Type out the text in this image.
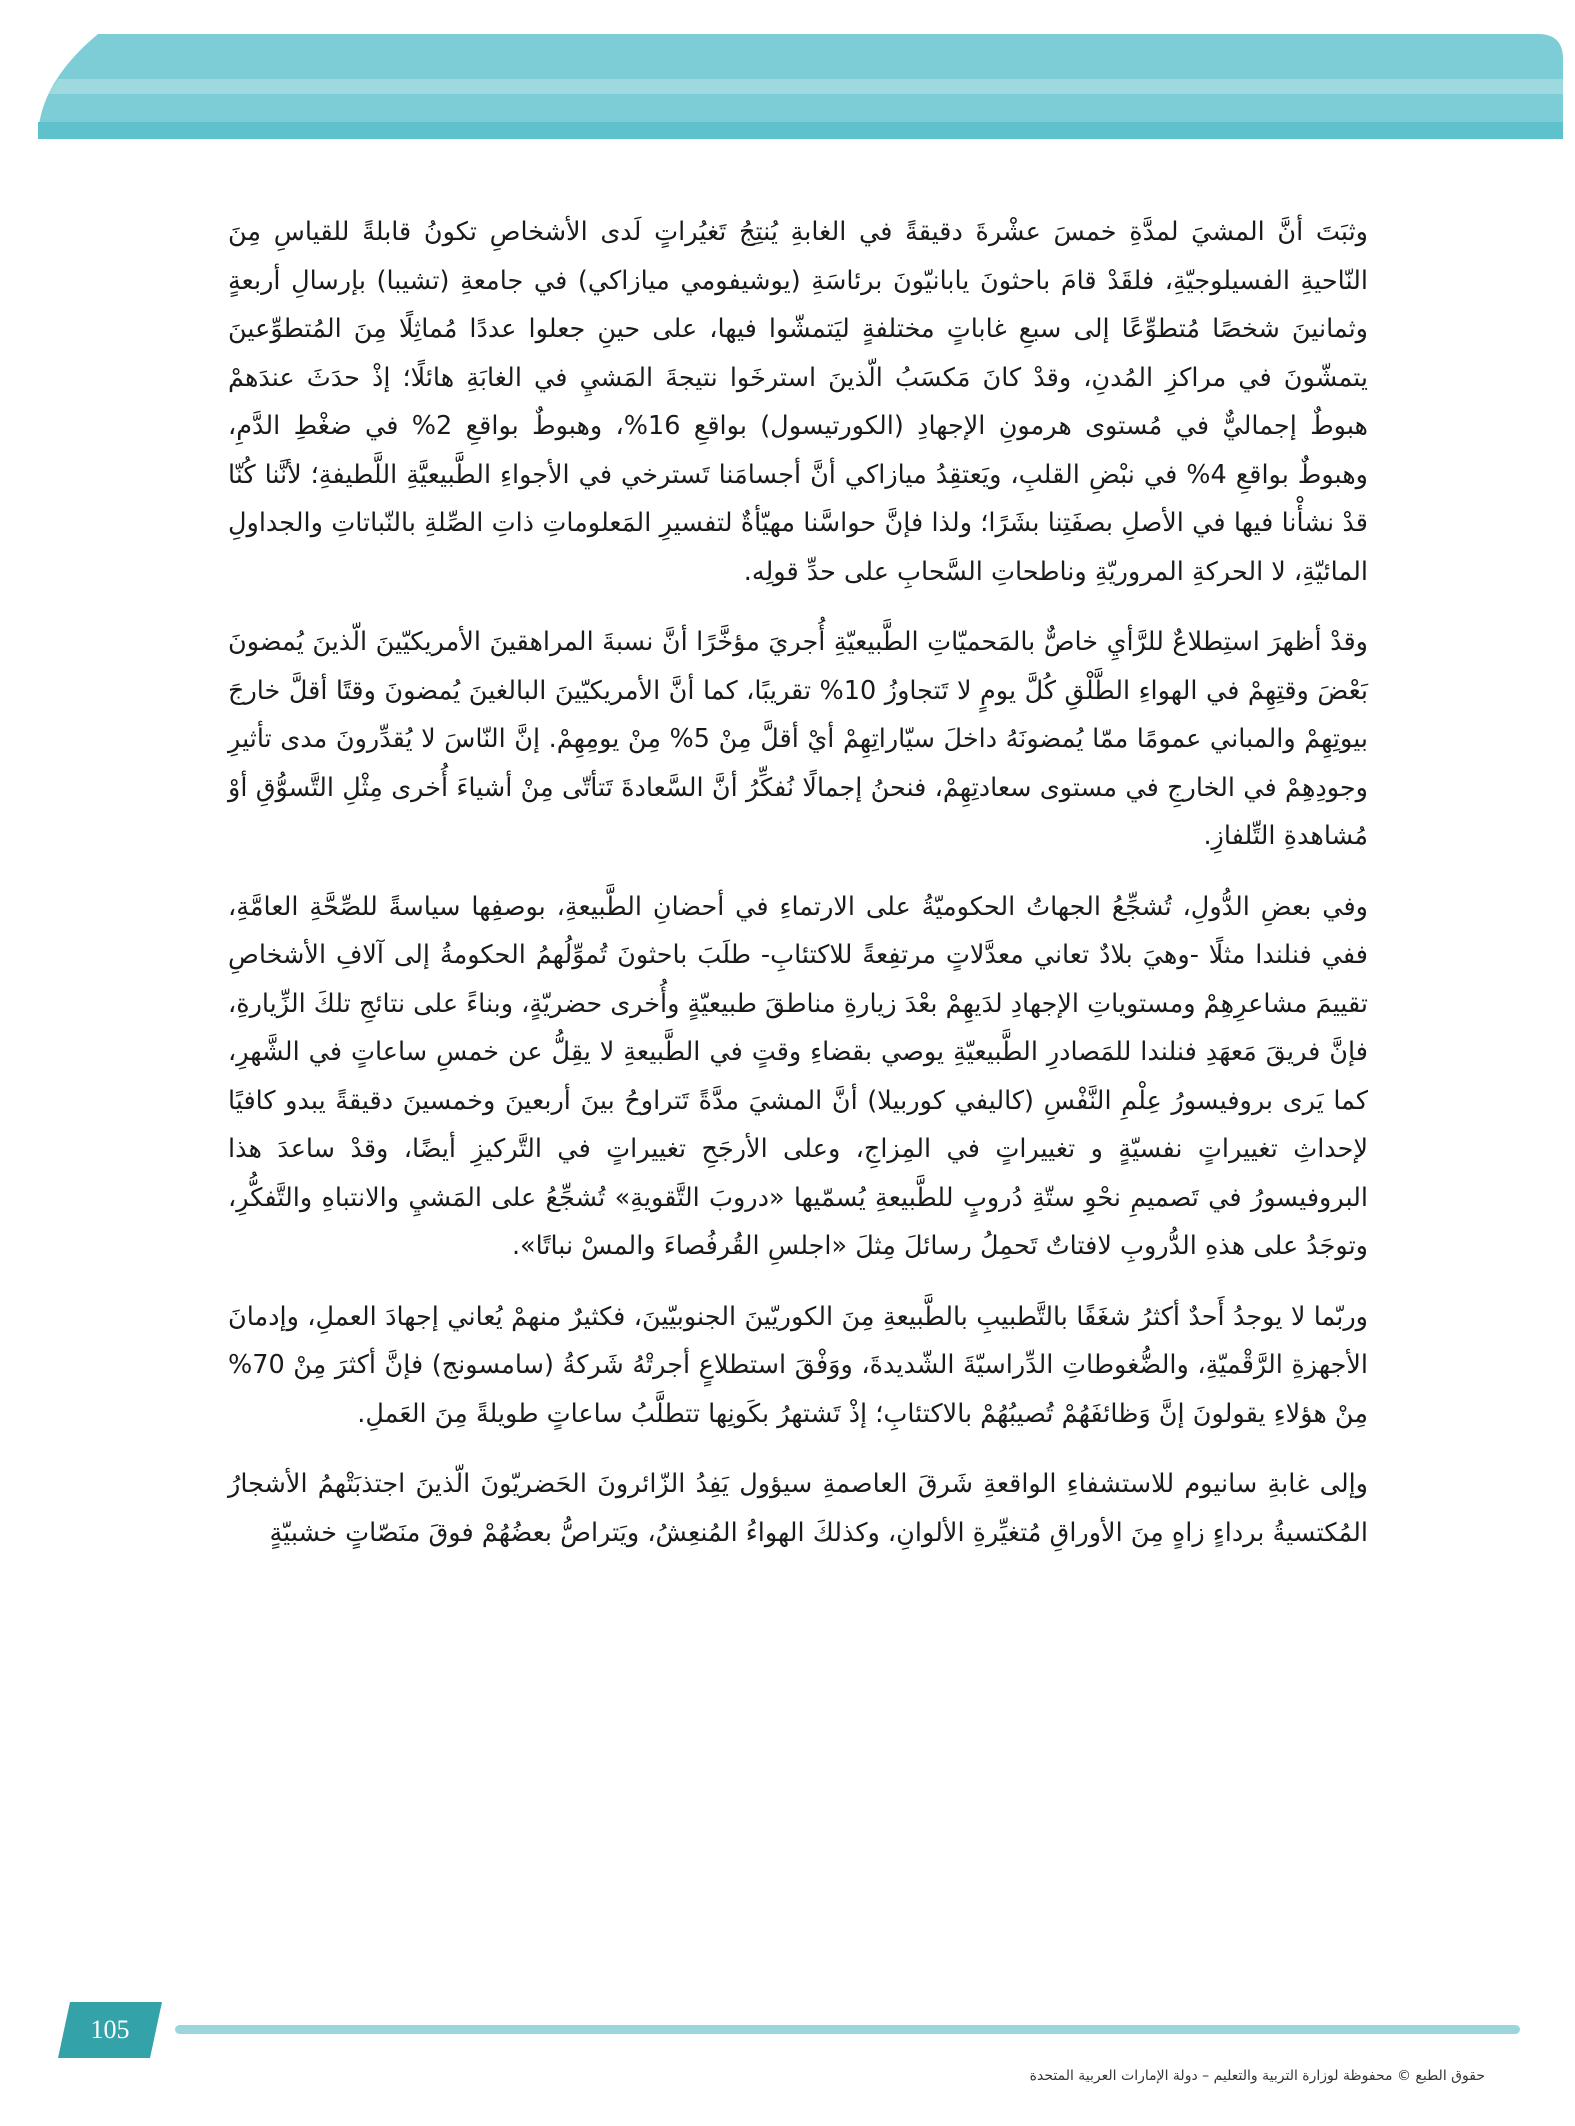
وثبَتَ أنَّ المشيَ لمدَّةِ خمسَ عشْرةَ دقيقةً في الغابةِ يُنتِجُ تَغيُراتٍ لَدى الأشخاصِ تكونُ قابلةً للقياسِ مِنَ النّاحيةِ الفسيلوجيّةِ، فلقَدْ قامَ باحثونَ يابانيّونَ برئاسَةِ (يوشيفومي ميازاكي) في جامعةِ (تشيبا) بإرسالِ أربعةٍ وثمانينَ شخصًا مُتطوِّعًا إلى سبعِ غاباتٍ مختلفةٍ ليَتمشّوا فيها، على حينِ جعلوا عددًا مُماثِلًا مِنَ المُتطوِّعينَ يتمشّونَ في مراكزِ المُدنِ، وقدْ كانَ مَكسَبُ الّذينَ استرخَوا نتيجةَ المَشيِ في الغابَةِ هائلًا؛ إذْ حدَثَ عندَهمْ هبوطٌ إجماليٌّ في مُستوى هرمونِ الإجهادِ (الكورتيسول) بواقعِ 16%، وهبوطٌ بواقعِ 2% في ضغْطِ الدَّمِ، وهبوطٌ بواقعِ 4% في نبْضِ القلبِ، ويَعتقِدُ ميازاكي أنَّ أجسامَنا تَسترخي في الأجواءِ الطَّبيعيَّةِ اللَّطيفةِ؛ لأنَّنا كُنّا قدْ نشأْنا فيها في الأصلِ بصفَتِنا بشَرًا؛ ولذا فإنَّ حواسَّنا مهيّأةٌ لتفسيرِ المَعلوماتِ ذاتِ الصِّلةِ بالنّباتاتِ والجداولِ المائيّةِ، لا الحركةِ المروريّةِ وناطحاتِ السَّحابِ على حدِّ قولِه.

وقدْ أظهرَ استِطلاعٌ للرَّأيِ خاصٌّ بالمَحميّاتِ الطَّبيعيّةِ أُجريَ مؤخَّرًا أنَّ نسبةَ المراهقينَ الأمريكيّينَ الّذينَ يُمضونَ بَعْضَ وقتِهِمْ في الهواءِ الطَّلْقِ كُلَّ يومٍ لا تَتجاوزُ 10% تقريبًا، كما أنَّ الأمريكيّينَ البالغينَ يُمضونَ وقتًا أقلَّ خارجَ بيوتِهِمْ والمباني عمومًا ممّا يُمضونَهُ داخلَ سيّاراتِهِمْ أيْ أقلَّ مِنْ 5% مِنْ يومِهِمْ. إنَّ النّاسَ لا يُقدِّرونَ مدى تأثيرِ وجودِهِمْ في الخارجِ في مستوى سعادتِهِمْ، فنحنُ إجمالًا نُفكِّرُ أنَّ السَّعادةَ تَتأتّى مِنْ أشياءَ أُخرى مِثْلِ التَّسوُّقِ أوْ مُشاهدةِ التِّلفازِ.

وفي بعضِ الدُّولِ، تُشجِّعُ الجهاتُ الحكوميّةُ على الارتماءِ في أحضانِ الطَّبيعةِ، بوصفِها سياسةً للصِّحَّةِ العامَّةِ، ففي فنلندا مثلًا -وهيَ بلادٌ تعاني معدَّلاتٍ مرتفِعةً للاكتئابِ- طلَبَ باحثونَ تُموِّلُهمُ الحكومةُ إلى آلافِ الأشخاصِ تقييمَ مشاعرِهِمْ ومستوياتِ الإجهادِ لدَيهِمْ بعْدَ زيارةِ مناطقَ طبيعيّةٍ وأُخرى حضريّةٍ، وبناءً على نتائجِ تلكَ الزِّيارةِ، فإنَّ فريقَ مَعهَدِ فنلندا للمَصادرِ الطَّبيعيّةِ يوصي بقضاءِ وقتٍ في الطَّبيعةِ لا يقِلُّ عن خمسِ ساعاتٍ في الشَّهرِ، كما يَرى بروفيسورُ عِلْمِ النَّفْسِ (كاليفي كوربيلا) أنَّ المشيَ مدَّةً تَتراوحُ بينَ أربعينَ وخمسينَ دقيقةً يبدو كافيًا لإحداثِ تغييراتٍ نفسيّةٍ و تغييراتٍ في المِزاجِ، وعلى الأرجَحِ تغييراتٍ في التَّركيزِ أيضًا، وقدْ ساعدَ هذا البروفيسورُ في تَصميمِ نحْوِ ستّةِ دُروبٍ للطَّبيعةِ يُسمّيها «دروبَ التَّقويةِ» تُشجِّعُ على المَشيِ والانتباهِ والتَّفكُّرِ، وتوجَدُ على هذهِ الدُّروبِ لافتاتٌ تَحمِلُ رسائلَ مِثلَ «اجلسِ القُرفُصاءَ والمسْ نباتًا».

وربّما لا يوجدُ أَحدٌ أكثرُ شغَفًا بالتَّطبيبِ بالطَّبيعةِ مِنَ الكوريّينَ الجنوبيّينَ، فكثيرٌ منهمْ يُعاني إجهادَ العملِ، وإدمانَ الأجهزةِ الرَّقْميّةِ، والضُّغوطاتِ الدِّراسيّةَ الشّديدةَ، ووَفْقَ استطلاعٍ أجرتْهُ شَركةُ (سامسونج) فإنَّ أكثرَ مِنْ 70% مِنْ هؤلاءِ يقولونَ إنَّ وَظائفَهُمْ تُصيبُهُمْ بالاكتئابِ؛ إذْ تَشتهرُ بكَونِها تتطلَّبُ ساعاتٍ طويلةً مِنَ العَملِ.

وإلى غابةِ سانيوم للاستشفاءِ الواقعةِ شَرقَ العاصمةِ سيؤول يَفِدُ الزّائرونَ الحَضريّونَ الّذينَ اجتذبَتْهمُ الأشجارُ المُكتسيةُ برداءٍ زاهٍ مِنَ الأوراقِ مُتغيِّرةِ الألوانِ، وكذلكَ الهواءُ المُنعِشُ، ويَتراصُّ بعضُهُمْ فوقَ منَصّاتٍ خشبيّةٍ

105
حقوق الطبع © محفوظة لوزارة التربية والتعليم – دولة الإمارات العربية المتحدة
